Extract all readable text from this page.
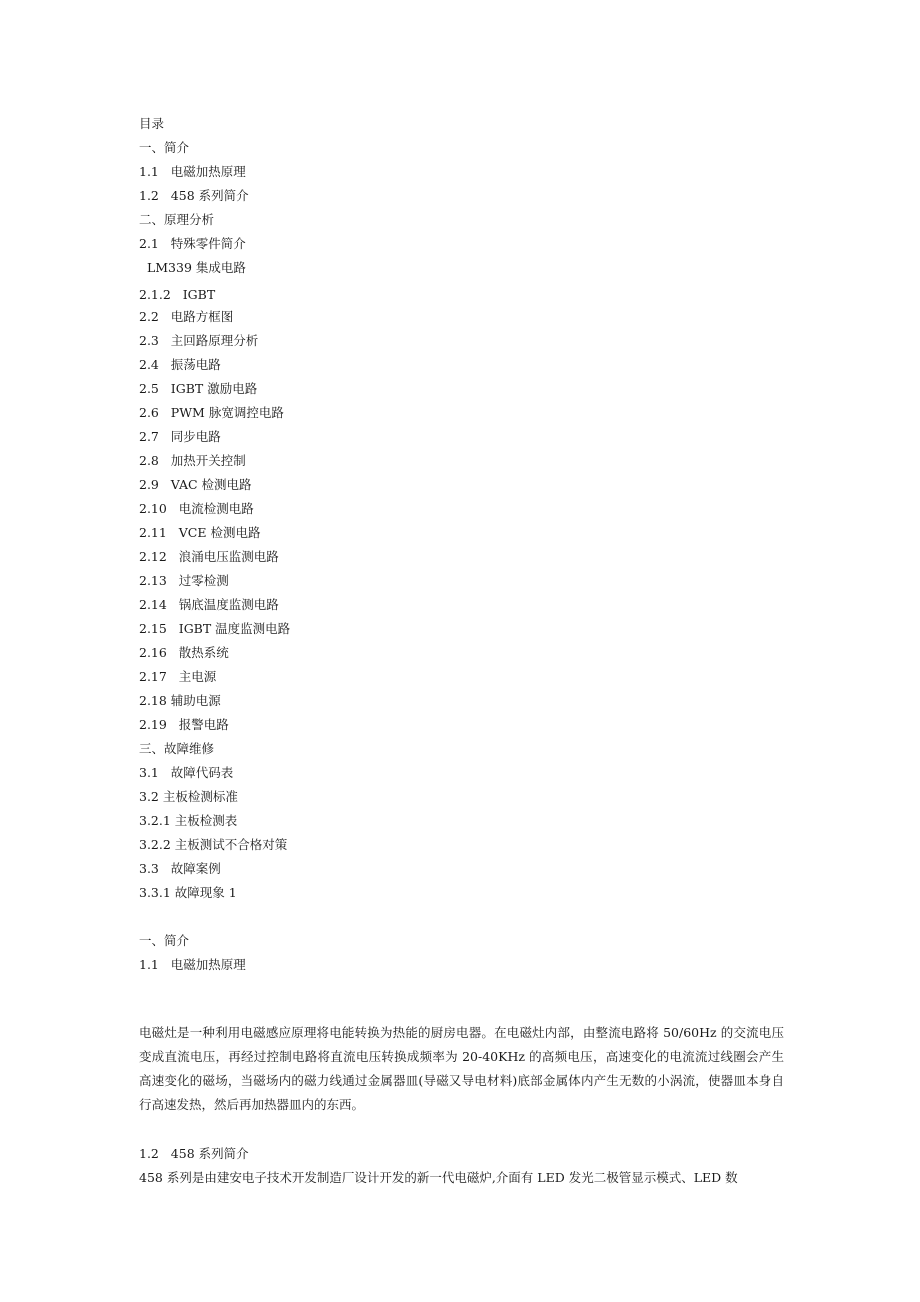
目录
一、简介
1.1   电磁加热原理
1.2   458 系列简介
二、原理分析
2.1   特殊零件简介
LM339 集成电路
2.1.2   IGBT
2.2   电路方框图
2.3   主回路原理分析
2.4   振荡电路
2.5   IGBT 激励电路
2.6   PWM 脉宽调控电路
2.7   同步电路
2.8   加热开关控制
2.9   VAC 检测电路
2.10   电流检测电路
2.11   VCE 检测电路
2.12   浪涌电压监测电路
2.13   过零检测
2.14   锅底温度监测电路
2.15   IGBT 温度监测电路
2.16   散热系统
2.17   主电源
2.18 辅助电源
2.19   报警电路
三、故障维修
3.1   故障代码表
3.2 主板检测标准
3.2.1 主板检测表
3.2.2 主板测试不合格对策
3.3   故障案例
3.3.1 故障现象 1
一、简介
1.1   电磁加热原理
电磁灶是一种利用电磁感应原理将电能转换为热能的厨房电器。在电磁灶内部，由整流电路将 50/60Hz 的交流电压变成直流电压，再经过控制电路将直流电压转换成频率为 20-40KHz 的高频电压，高速变化的电流流过线圈会产生高速变化的磁场，当磁场内的磁力线通过金属器皿(导磁又导电材料)底部金属体内产生无数的小涡流，使器皿本身自行高速发热，然后再加热器皿内的东西。
1.2   458 系列简介
458 系列是由建安电子技术开发制造厂设计开发的新一代电磁炉,介面有 LED 发光二极管显示模式、LED 数
